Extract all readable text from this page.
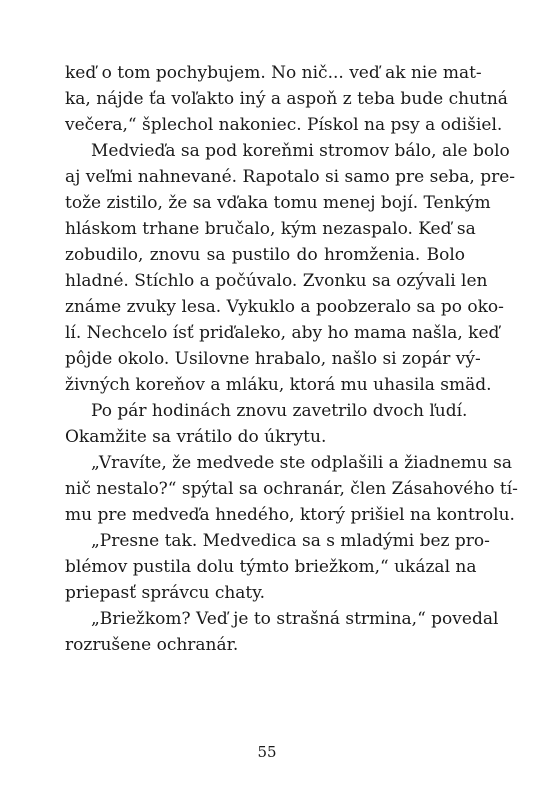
keď o tom pochybujem. No nič... veď ak nie mat-
ka, nájde ťa voľakto iný a aspoň z teba bude chutná
večera,“ šplechol nakoniec. Pískol na psy a odišiel.
Medvieďa sa pod koreňmi stromov bálo, ale bolo
aj veľmi nahnevané. Rapotalo si samo pre seba, pre-
tože zistilo, že sa vďaka tomu menej bojí. Tenkým
hláskom trhane bručalo, kým nezaspalo. Keď sa
zobudilo, znovu sa pustilo do hromženia. Bolo
hladné. Stíchlo a počúvalo. Zvonku sa ozývali len
známe zvuky lesa. Vykuklo a poobzeralo sa po oko-
lí. Nechcelo ísť priďaleko, aby ho mama našla, keď
pôjde okolo. Usilovne hrabalo, našlo si zopár vý-
živných koreňov a mláku, ktorá mu uhasila smäd.
Po pár hodinách znovu zavetrilo dvoch ľudí.
Okamžite sa vrátilo do úkrytu.
„Vravíte, že medvede ste odplašili a žiadnemu sa
nič nestalo?“ spýtal sa ochranár, člen Zásahového tí-
mu pre medveďa hnedého, ktorý prišiel na kontrolu.
„Presne tak. Medvedica sa s mladými bez pro-
blémov pustila dolu týmto briežkom,“ ukázal na
priepasť správcu chaty.
„Briežkom? Veď je to strašná strmina,“ povedal
rozrušene ochranár.
55
